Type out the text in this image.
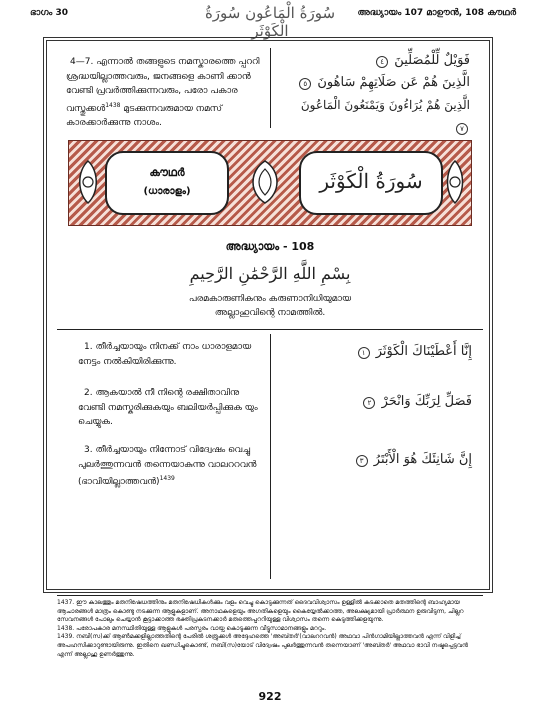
ഭാഗം 30	سُورَةُ الْمَاعُون سُورَةُ الْكَوْثَر
അദ്ധ്യായം 107 മാഊൻ, 108 കൗഥർ
4—7. എന്നാൽ തങ്ങളുടെ നമസ്കാരത്തെ പ്പററി ശ്രദ്ധയില്ലാത്തവരും, ജനങ്ങളെ കാണി ക്കാൻ വേണ്ടി പ്രവർത്തിക്കുന്നവരും, പരോ പകാര വസ്തുക്കൾ$^{1438}$ മുടക്കുന്നവരുമായ നമസ് കാരക്കാർക്കുന്നു നാശം.
فَوَيْلٌ لِّلْمُصَلِّينَ ٤
الَّذِينَ هُمْ عَن صَلَاتِهِمْ سَاهُونَ ٥
الَّذِينَ هُمْ يُرَاءُونَ وَيَمْنَعُونَ الْمَاعُونَ ٧
കൗഥർ
(ധാരാളം)	سُورَةُ الْكَوْثَر
അദ്ധ്യായം - 108
بِسْمِ اللَّهِ الرَّحْمَٰنِ الرَّحِيمِ
പരമകാരുണികനും കരുണാനിധിയുമായ
അല്ലാഹുവിന്റെ നാമത്തിൽ.
1. തീർച്ചയായും നിനക്ക് നാം ധാരാളമായ നേട്ടം നൽകിയിരിക്കുന്നു.
إِنَّا أَعْطَيْنَاكَ الْكَوْثَرَ ١
2. ആകയാൽ നീ നിന്റെ രക്ഷിതാവിനു വേണ്ടി നമസ്കരിക്കുകയും ബലിയർപ്പിക്കുക യും ചെയ്യുക.
فَصَلِّ لِرَبِّكَ وَانْحَرْ ٢
3. തീർച്ചയായും നിന്നോട് വിദ്വേഷം വെച്ചു പുലർത്തുന്നവൻ തന്നെയാകുന്നു വാലററവൻ (ഭാവിയില്ലാത്തവൻ)$^{1439}$
إِنَّ شَانِئَكَ هُوَ الْأَبْتَرُ ٣
1437. ഈ കാലത്തും മതനിഷേധത്തിനും മതനിഷേധികൾക്കും വളം വെച്ചു കൊടുക്കുന്നത് ദൈവവിശ്വാസം ഉള്ളിൽ കടക്കാതെ മതത്തിന്റെ ബാഹ്യമായ ആചാരങ്ങൾ മാത്രം കൊണ്ടു നടക്കുന്ന ആളുകളാണ്. അനാഥകളെയും അഗതികളെയും കൈയ്യേൽക്കാത്ത, അലക്ഷ്യമായി പ്രാർത്ഥന ഉരുവിടുന്ന, ചില്ലറ സേവനങ്ങൾ പോലും ചെയ്യാൻ കൂട്ടാക്കാത്ത ഭക്തിപ്രകടനക്കാർ മതത്തെപ്പററിയുള്ള വിശ്വാസം തന്നെ കെടുത്തിക്കളയുന്നു.
1438. പരോപകാര മനസ്ഥിതിയുള്ള ആളുകൾ പരസ്പരം വായ്പ കൊടുക്കുന്ന വീട്ടുസാമാനങ്ങളും മററും.
1439. നബി(സ)ക്ക് ആൺമക്കളില്ലാത്തതിന്റെ പേരിൽ ശത്രുക്കൾ അദ്ദേഹത്തെ 'അബ്തർ'(വാലററവൻ) അഥവാ പിൻഗാമിയില്ലാത്തവൻ എന്ന് വിളിച്ച് അപഹസിക്കാറുണ്ടായിരുന്നു. ഇതിനെ ഖണ്ഡിച്ചുകൊണ്ട്, നബി(സ)യോട് വിദ്വേഷം പുലർത്തുന്നവൻ തന്നെയാണ് 'അബ്തർ' അഥവാ ഭാവി നഷ്ടപ്പെട്ടവൻ എന്ന് അല്ലാഹു ഉണർത്തുന്നു.
922
